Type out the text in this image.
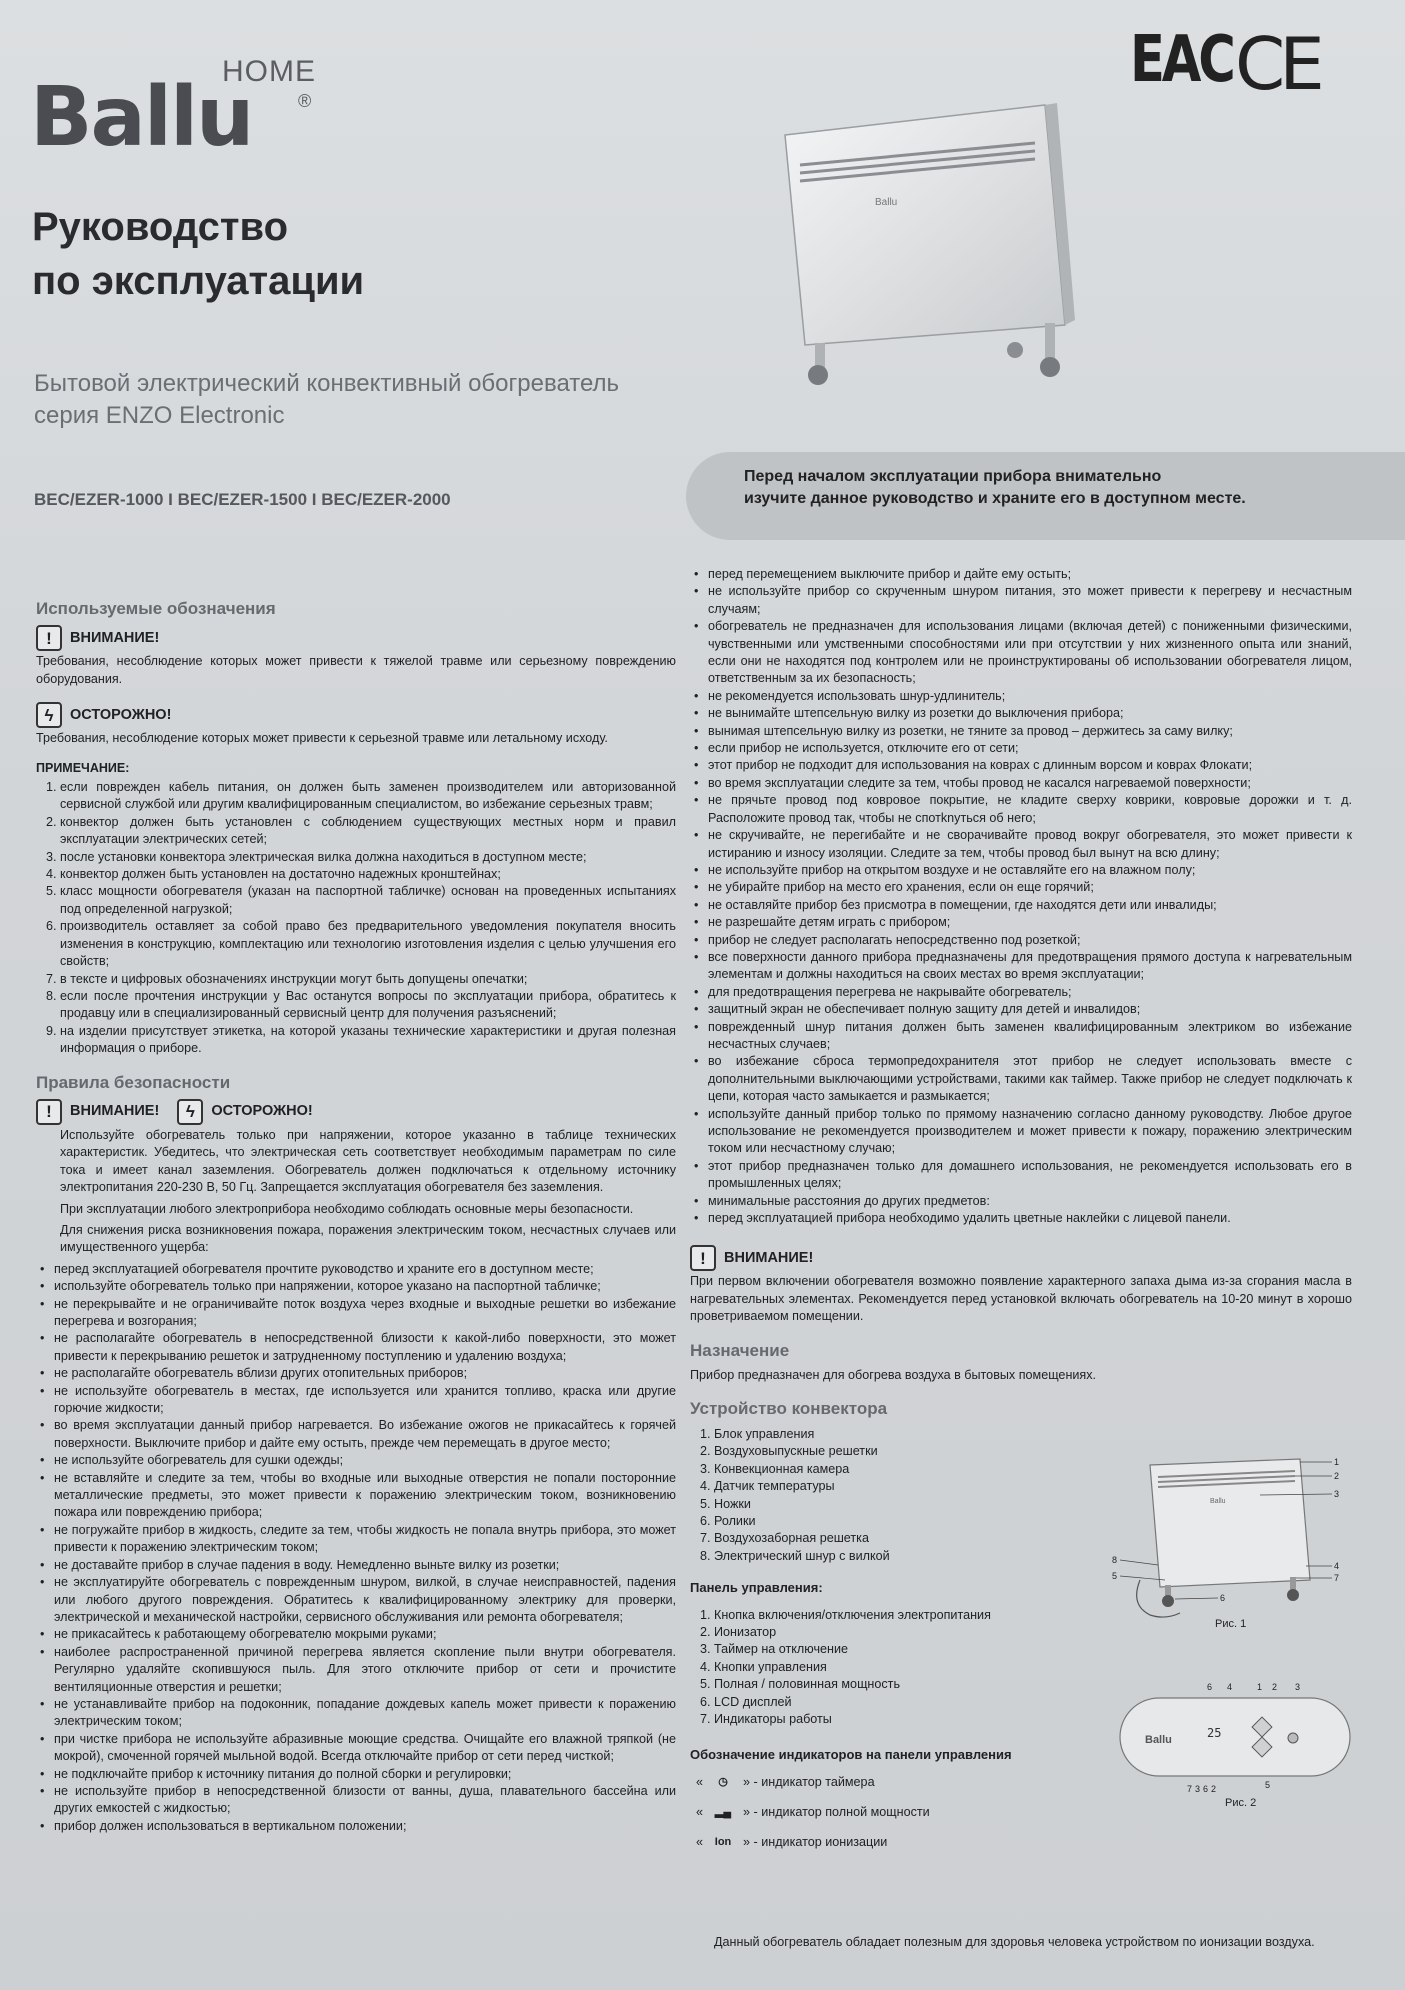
HOME
Ballu	®
EAC CE
Руководство
по эксплуатации
Бытовой электрический конвективный обогреватель
серия ENZO Electronic
BEC/EZER-1000 I BEC/EZER-1500 I BEC/EZER-2000
Ballu
Перед началом эксплуатации прибора внимательно
изучите данное руководство и храните его в доступном месте.
Используемые обозначения
!	ВНИМАНИЕ!

Требования, несоблюдение которых может привести к тяжелой травме или серьезному повреждению оборудования.

ϟ	ОСТОРОЖНО!

Требования, несоблюдение которых может привести к серьезной травме или летальному исходу.

ПРИМЕЧАНИЕ:
1. если поврежден кабель питания, он должен быть заменен производителем или авторизованной сервисной службой или другим квалифицированным специалистом, во избежание серьезных травм;
2. конвектор должен быть установлен с соблюдением существующих местных норм и правил эксплуатации электрических сетей;
3. после установки конвектора электрическая вилка должна находиться в доступном месте;
4. конвектор должен быть установлен на достаточно надежных кронштейнах;
5. класс мощности обогревателя (указан на паспортной табличке) основан на проведенных испытаниях под определенной нагрузкой;
6. производитель оставляет за собой право без предварительного уведомления покупателя вносить изменения в конструкцию, комплектацию или технологию изготовления изделия с целью улучшения его свойств;
7. в тексте и цифровых обозначениях инструкции могут быть допущены опечатки;
8. если после прочтения инструкции у Вас останутся вопросы по эксплуатации прибора, обратитесь к продавцу или в специализированный сервисный центр для получения разъяснений;
9. на изделии присутствует этикетка, на которой указаны технические характеристики и другая полезная информация о приборе.
Правила безопасности
!	ВНИМАНИЕ!	ϟ	ОСТОРОЖНО!

Используйте обогреватель только при напряжении, которое указанно в таблице технических характеристик. Убедитесь, что электрическая сеть соответствует необходимым параметрам по силе тока и имеет канал заземления. Обогреватель должен подключаться к отдельному источнику электропитания 220-230 В, 50 Гц. Запрещается эксплуатация обогревателя без заземления.

При эксплуатации любого электроприбора необходимо соблюдать основные меры безопасности.

Для снижения риска возникновения пожара, поражения электрическим током, несчастных случаев или имущественного ущерба:

• перед эксплуатацией обогревателя прочтите руководство и храните его в доступном месте;
• используйте обогреватель только при напряжении, которое указано на паспортной табличке;
• не перекрывайте и не ограничивайте поток воздуха через входные и выходные решетки во избежание перегрева и возгорания;
• не располагайте обогреватель в непосредственной близости к какой-либо поверхности, это может привести к перекрыванию решеток и затрудненному поступлению и удалению воздуха;
• не располагайте обогреватель вблизи других отопительных приборов;
• не используйте обогреватель в местах, где используется или хранится топливо, краска или другие горючие жидкости;
• во время эксплуатации данный прибор нагревается. Во избежание ожогов не прикасайтесь к горячей поверхности. Выключите прибор и дайте ему остыть, прежде чем перемещать в другое место;
• не используйте обогреватель для сушки одежды;
• не вставляйте и следите за тем, чтобы во входные или выходные отверстия не попали посторонние металлические предметы, это может привести к поражению электрическим током, возникновению пожара или повреждению прибора;
• не погружайте прибор в жидкость, следите за тем, чтобы жидкость не попала внутрь прибора, это может привести к поражению электрическим током;
• не доставайте прибор в случае падения в воду. Немедленно выньте вилку из розетки;
• не эксплуатируйте обогреватель с поврежденным шнуром, вилкой, в случае неисправностей, падения или любого другого повреждения. Обратитесь к квалифицированному электрику для проверки, электрической и механической настройки, сервисного обслуживания или ремонта обогревателя;
• не прикасайтесь к работающему обогревателю мокрыми руками;
• наиболее распространенной причиной перегрева является скопление пыли внутри обогревателя. Регулярно удаляйте скопившуюся пыль. Для этого отключите прибор от сети и прочистите вентиляционные отверстия и решетки;
• не устанавливайте прибор на подоконник, попадание дождевых капель может привести к поражению электрическим током;
• при чистке прибора не используйте абразивные моющие средства. Очищайте его влажной тряпкой (не мокрой), смоченной горячей мыльной водой. Всегда отключайте прибор от сети перед чисткой;
• не подключайте прибор к источнику питания до полной сборки и регулировки;
• не используйте прибор в непосредственной близости от ванны, душа, плавательного бассейна или других емкостей с жидкостью;
• прибор должен использоваться в вертикальном положении;
• перед перемещением выключите прибор и дайте ему остыть;
• не используйте прибор со скрученным шнуром питания, это может привести к перегреву и несчастным случаям;
• обогреватель не предназначен для использования лицами (включая детей) с пониженными физическими, чувственными или умственными способностями или при отсутствии у них жизненного опыта или знаний, если они не находятся под контролем или не проинструктированы об использовании обогревателя лицом, ответственным за их безопасность;
• не рекомендуется использовать шнур-удлинитель;
• не вынимайте штепсельную вилку из розетки до выключения прибора;
• вынимая штепсельную вилку из розетки, не тяните за провод – держитесь за саму вилку;
• если прибор не используется, отключите его от сети;
• этот прибор не подходит для использования на коврах с длинным ворсом и коврах Флокати;
• во время эксплуатации следите за тем, чтобы провод не касался нагреваемой поверхности;
• не прячьте провод под ковровое покрытие, не кладите сверху коврики, ковровые дорожки и т. д. Расположите провод так, чтобы не спотknуться об него;
• не скручивайте, не перегибайте и не сворачивайте провод вокруг обогревателя, это может привести к истиранию и износу изоляции. Следите за тем, чтобы провод был вынут на всю длину;
• не используйте прибор на открытом воздухе и не оставляйте его на влажном полу;
• не убирайте прибор на место его хранения, если он еще горячий;
• не оставляйте прибор без присмотра в помещении, где находятся дети или инвалиды;
• не разрешайте детям играть с прибором;
• прибор не следует располагать непосредственно под розеткой;
• все поверхности данного прибора предназначены для предотвращения прямого доступа к нагревательным элементам и должны находиться на своих местах во время эксплуатации;
• для предотвращения перегрева не накрывайте обогреватель;
• защитный экран не обеспечивает полную защиту для детей и инвалидов;
• поврежденный шнур питания должен быть заменен квалифицированным электриком во избежание несчастных случаев;
• во избежание сброса термопредохранителя этот прибор не следует использовать вместе с дополнительными выключающими устройствами, такими как таймер. Также прибор не следует подключать к цепи, которая часто замыкается и размыкается;
• используйте данный прибор только по прямому назначению согласно данному руководству. Любое другое использование не рекомендуется производителем и может привести к пожару, поражению электрическим током или несчастному случаю;
• этот прибор предназначен только для домашнего использования, не рекомендуется использовать его в промышленных целях;
• минимальные расстояния до других предметов:
• перед эксплуатацией прибора необходимо удалить цветные наклейки с лицевой панели.
!	ВНИМАНИЕ!

При первом включении обогревателя возможно появление характерного запаха дыма из-за сгорания масла в нагревательных элементах. Рекомендуется перед установкой включать обогреватель на 10-20 минут в хорошо проветриваемом помещении.

Назначение

Прибор предназначен для обогрева воздуха в бытовых помещениях.

Устройство конвектора
1. Блок управления
2. Воздуховыпускные решетки
3. Конвекционная камера
4. Датчик температуры
5. Ножки
6. Ролики
7. Воздухозаборная решетка
8. Электрический шнур с вилкой
Панель управления:
1. Кнопка включения/отключения электропитания
2. Ионизатор
3. Таймер на отключение
4. Кнопки управления
5. Полная / половинная мощность
6. LCD дисплей
7. Индикаторы работы
Обозначение индикаторов на панели управления
«	◷	» - индикатор таймера
«	▂▄ » - индикатор полной мощности
«	Ion » - индикатор ионизации
Ballu
1
2
3
4
7
8
5
6
Рис. 1
6 4	1 2 3
Ballu	25
7 3 6 2	5
Рис. 2
Данный обогреватель обладает полезным для здоровья человека устройством по ионизации воздуха.
